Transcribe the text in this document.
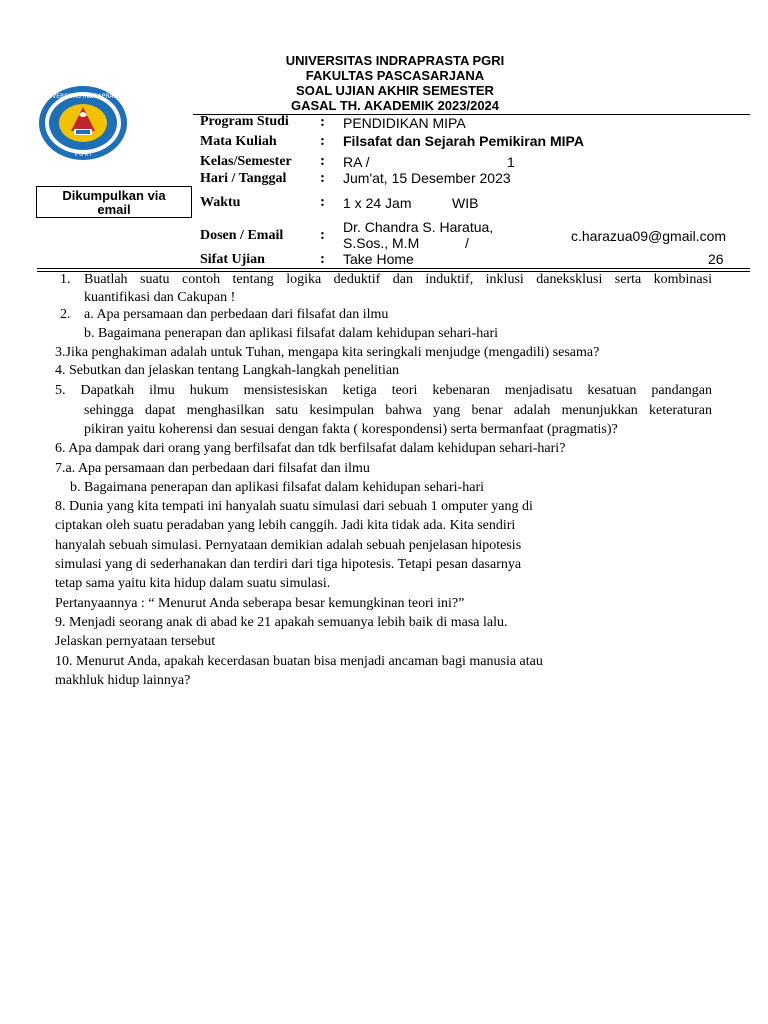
UNIVERSITAS INDRAPRASTA PGRI
FAKULTAS PASCASARJANA
SOAL UJIAN AKHIR SEMESTER
GASAL TH. AKADEMIK 2023/2024
UNIVERSITAS INDRAPRASTA
P G R I
Program Studi : PENDIDIKAN MIPA
Mata Kuliah	: Filsafat dan Sejarah Pemikiran MIPA
Kelas/Semester : RA /	1
Hari / Tanggal : Jum'at, 15 Desember 2023
Dikumpulkan via
email	Waktu	: 1 x 24 Jam	WIB
Dosen / Email : Dr. Chandra S. Haratua,
S.Sos., M.M	/	c.harazua09@gmail.com
Sifat Ujian	: Take Home	26
1. Buatlah suatu contoh tentang logika deduktif dan induktif, inklusi daneksklusi serta kombinasi
kuantifikasi dan Cakupan !
2. a. Apa persamaan dan perbedaan dari filsafat dan ilmu
b. Bagaimana penerapan dan aplikasi filsafat dalam kehidupan sehari-hari
3.Jika penghakiman adalah untuk Tuhan, mengapa kita seringkali menjudge (mengadili) sesama?
4. Sebutkan dan jelaskan tentang Langkah-langkah penelitian
5. Dapatkah ilmu hukum mensistesiskan ketiga teori kebenaran menjadisatu kesatuan pandangan
sehingga dapat menghasilkan satu kesimpulan bahwa yang benar adalah menunjukkan keteraturan
pikiran yaitu koherensi dan sesuai dengan fakta ( korespondensi) serta bermanfaat (pragmatis)?
6. Apa dampak dari orang yang berfilsafat dan tdk berfilsafat dalam kehidupan sehari-hari?
7.a. Apa persamaan dan perbedaan dari filsafat dan ilmu
b. Bagaimana penerapan dan aplikasi filsafat dalam kehidupan sehari-hari
8. Dunia yang kita tempati ini hanyalah suatu simulasi dari sebuah 1 omputer yang di
ciptakan oleh suatu peradaban yang lebih canggih. Jadi kita tidak ada. Kita sendiri
hanyalah sebuah simulasi. Pernyataan demikian adalah sebuah penjelasan hipotesis
simulasi yang di sederhanakan dan terdiri dari tiga hipotesis. Tetapi pesan dasarnya
tetap sama yaitu kita hidup dalam suatu simulasi.
Pertanyaannya : “ Menurut Anda seberapa besar kemungkinan teori ini?”
9. Menjadi seorang anak di abad ke 21 apakah semuanya lebih baik di masa lalu.
Jelaskan pernyataan tersebut
10. Menurut Anda, apakah kecerdasan buatan bisa menjadi ancaman bagi manusia atau
makhluk hidup lainnya?
